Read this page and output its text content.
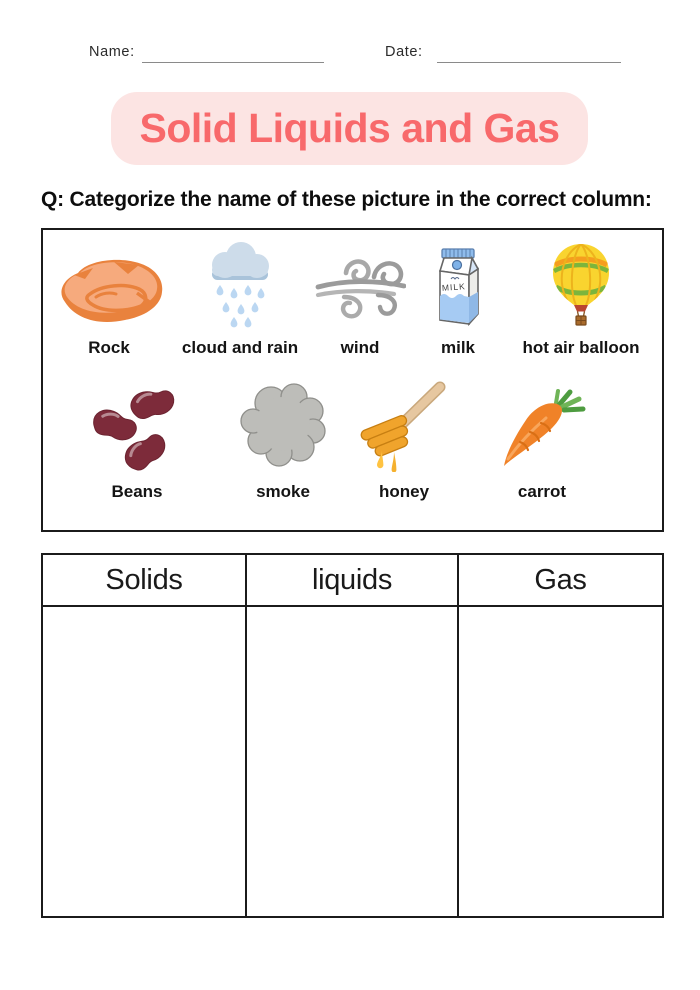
Name:	Date:
Solid Liquids and Gas
Q: Categorize the name of these picture in the correct column:
Rock	cloud and rain	wind
MILK
milk	hot air balloon
Beans	smoke	honey	carrot
Solids	liquids	Gas
